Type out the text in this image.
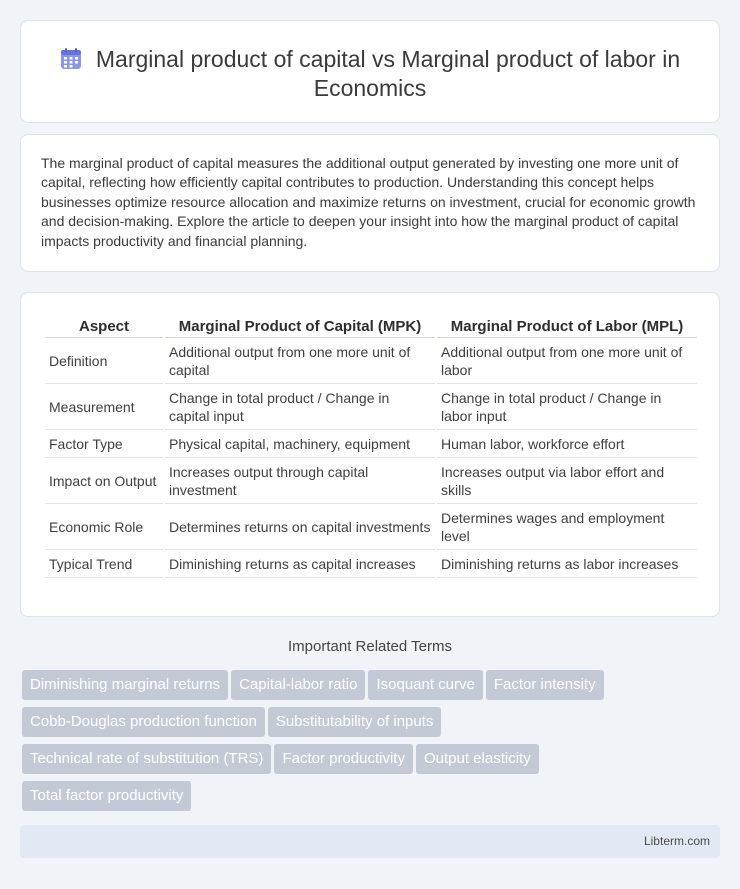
Marginal product of capital vs Marginal product of labor in Economics

The marginal product of capital measures the additional output generated by investing one more unit of capital, reflecting how efficiently capital contributes to production. Understanding this concept helps businesses optimize resource allocation and maximize returns on investment, crucial for economic growth and decision-making. Explore the article to deepen your insight into how the marginal product of capital impacts productivity and financial planning.

Aspect	Marginal Product of Capital (MPK)	Marginal Product of Labor (MPL)
Definition	Additional output from one more unit of capital	Additional output from one more unit of labor
Measurement	Change in total product / Change in capital input	Change in total product / Change in labor input
Factor Type	Physical capital, machinery, equipment	Human labor, workforce effort
Impact on Output	Increases output through capital investment	Increases output via labor effort and skills
Economic Role	Determines returns on capital investments	Determines wages and employment level
Typical Trend	Diminishing returns as capital increases	Diminishing returns as labor increases
Important Related Terms
Diminishing marginal returns Capital-labor ratio Isoquant curve Factor intensity
Cobb-Douglas production function Substitutability of inputs
Technical rate of substitution (TRS) Factor productivity Output elasticity
Total factor productivity
Libterm.com
